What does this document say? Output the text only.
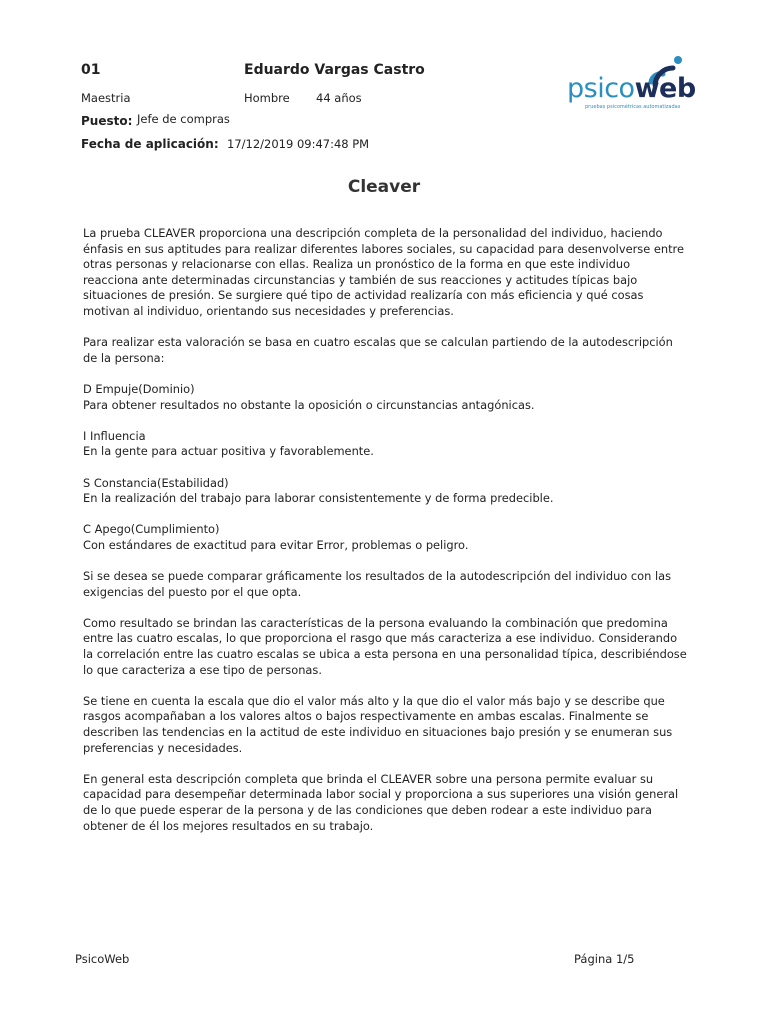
01	Eduardo Vargas Castro
Maestria	Hombre 44 años
Puesto: Jefe de compras
Fecha de aplicación: 17/12/2019 09:47:48 PM
psicoweb
pruebas psicométricas automatizadas
Cleaver

La prueba CLEAVER proporciona una descripción completa de la personalidad del individuo, haciendo énfasis en sus aptitudes para realizar diferentes labores sociales, su capacidad para desenvolverse entre otras personas y relacionarse con ellas. Realiza un pronóstico de la forma en que este individuo reacciona ante determinadas circunstancias y también de sus reacciones y actitudes típicas bajo situaciones de presión. Se surgiere qué tipo de actividad realizaría con más eficiencia y qué cosas motivan al individuo, orientando sus necesidades y preferencias.

Para realizar esta valoración se basa en cuatro escalas que se calculan partiendo de la autodescripción de la persona:

D Empuje(Dominio)
Para obtener resultados no obstante la oposición o circunstancias antagónicas.

I Influencia
En la gente para actuar positiva y favorablemente.

S Constancia(Estabilidad)
En la realización del trabajo para laborar consistentemente y de forma predecible.

C Apego(Cumplimiento)
Con estándares de exactitud para evitar Error, problemas o peligro.

Si se desea se puede comparar gráficamente los resultados de la autodescripción del individuo con las exigencias del puesto por el que opta.

Como resultado se brindan las características de la persona evaluando la combinación que predomina entre las cuatro escalas, lo que proporciona el rasgo que más caracteriza a ese individuo. Considerando la correlación entre las cuatro escalas se ubica a esta persona en una personalidad típica, describiéndose lo que caracteriza a ese tipo de personas.

Se tiene en cuenta la escala que dio el valor más alto y la que dio el valor más bajo y se describe que rasgos acompañaban a los valores altos o bajos respectivamente en ambas escalas. Finalmente se describen las tendencias en la actitud de este individuo en situaciones bajo presión y se enumeran sus preferencias y necesidades.

En general esta descripción completa que brinda el CLEAVER sobre una persona permite evaluar su capacidad para desempeñar determinada labor social y proporciona a sus superiores una visión general de lo que puede esperar de la persona y de las condiciones que deben rodear a este individuo para obtener de él los mejores resultados en su trabajo.

PsicoWeb	Página 1/5
